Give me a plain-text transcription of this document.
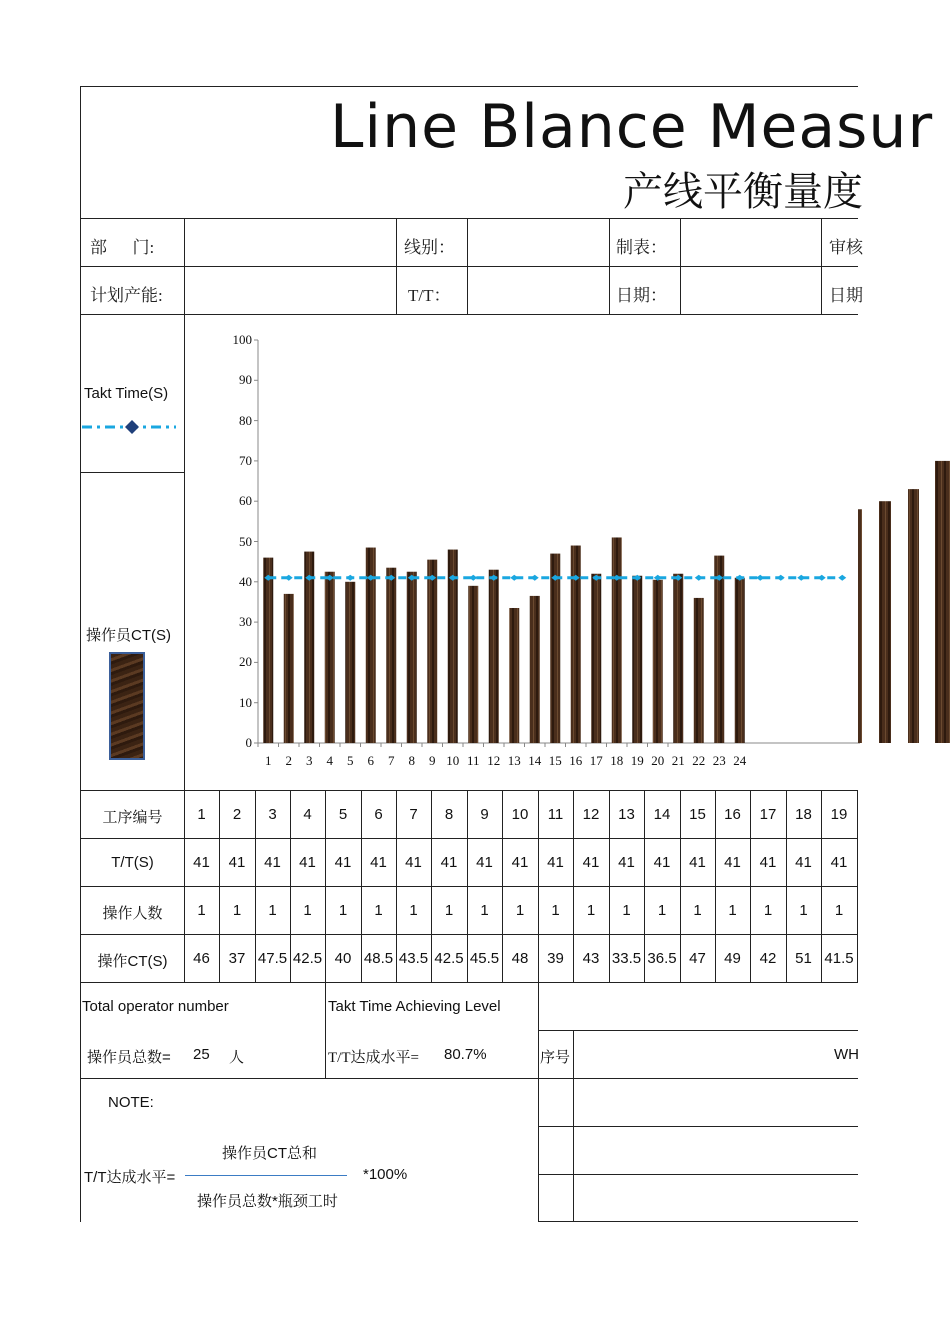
Line Blance Measur
产线平衡量度
部      门:	线别：	制表：	审核
计划产能:	T/T：	日期：	日期
Takt Time(S)
操作员CT(S)
0
10
20
30
40
50
60
70
80
90
100
1	2	3	4	5	6	7	8	9 10 11 12 13 14 15 16 17 18 19 20 21 22 23 24
工序编号
T/T(S)
操作人数
操作CT(S)
1	2	3	4	5	6	7	8	9	10	11	12	13	14	15	16	17	18	19
41	41	41	41	41	41	41	41	41	41	41	41	41	41	41	41	41	41	41
1	1	1	1	1	1	1	1	1	1	1	1	1	1	1	1	1	1	1
46	37 47.5 42.5 40 48.5 43.5 42.5 45.5 48	39	43 33.5 36.5 47	49	42	51 41.5
Total operator number
操作员总数= 25 人
Takt Time Achieving Level
T/T达成水平= 80.7%	序号	WH
NOTE:
操作员CT总和
T/T达成水平=	*100%
操作员总数*瓶颈工时
